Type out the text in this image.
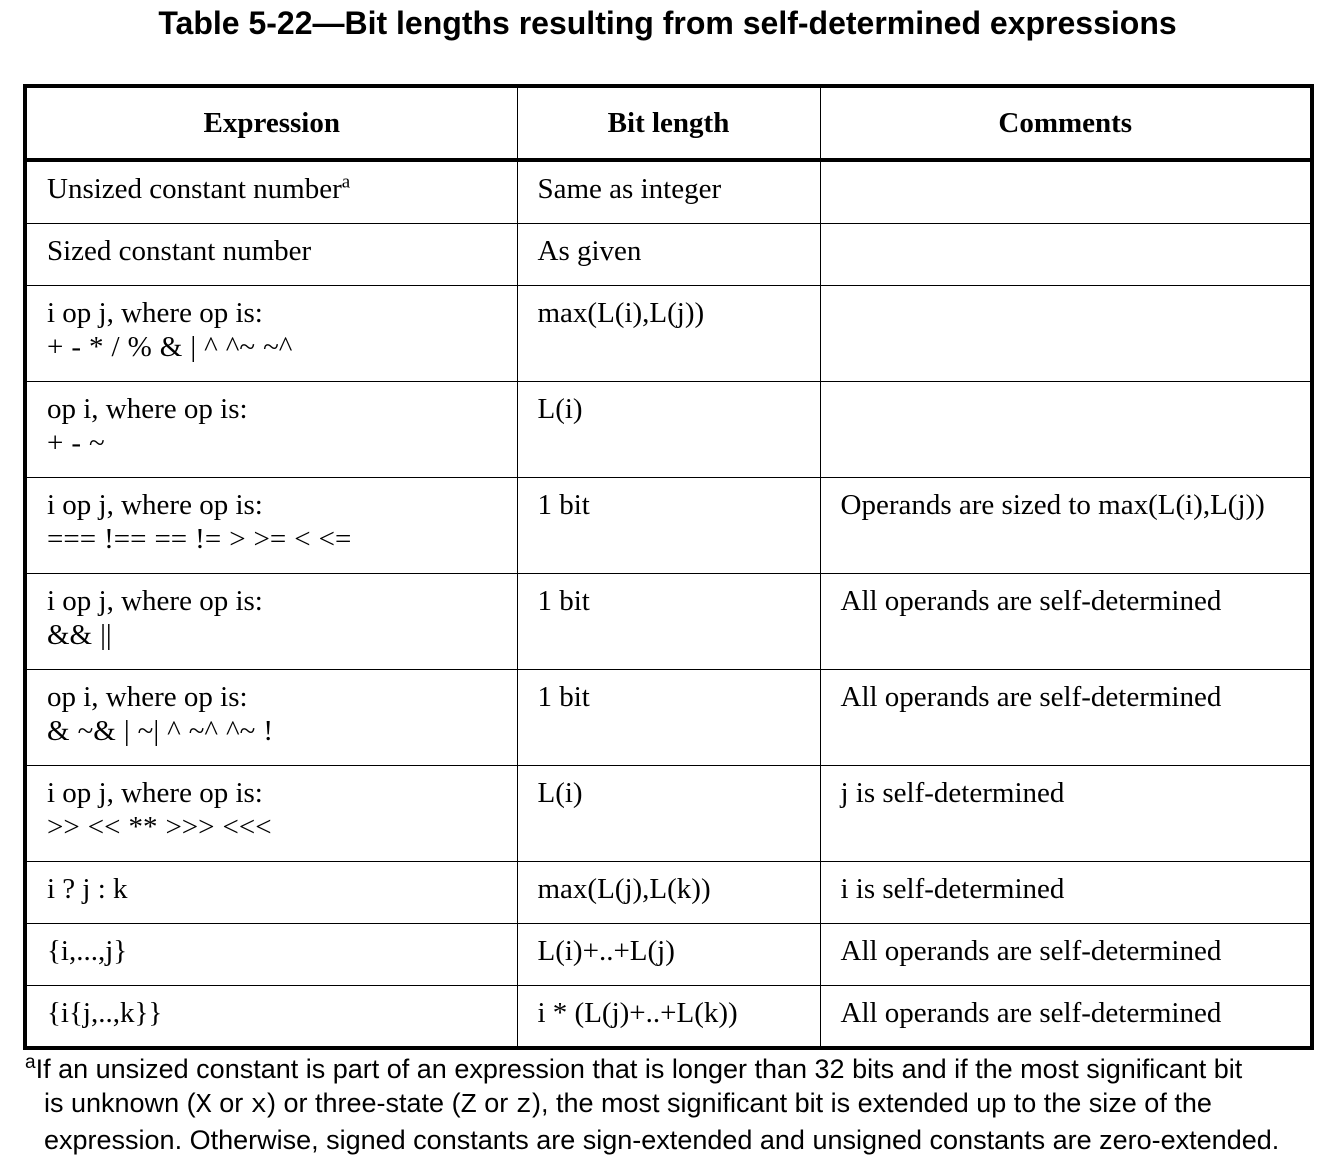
Table 5-22—Bit lengths resulting from self-determined expressions
Expression	Bit length	Comments
Unsized constant number$^a$	Same as integer	
Sized constant number	As given	
i op j, where op is:
+ - * / % & | ^ ^~ ~^	max(L(i),L(j))	
op i, where op is:
+ - ~	L(i)	
i op j, where op is:
=== !== == != > >= < <=	1 bit	Operands are sized to max(L(i),L(j))
i op j, where op is:
&& ||	1 bit	All operands are self-determined
op i, where op is:
& ~& | ~| ^ ~^ ^~ !	1 bit	All operands are self-determined
i op j, where op is:
>> << ** >>> <<<	L(i)	j is self-determined
i ? j : k	max(L(j),L(k))	i is self-determined
{i,...,j}	L(i)+..+L(j)	All operands are self-determined
{i{j,..,k}}	i * (L(j)+..+L(k))	All operands are self-determined
$^a$If an unsized constant is part of an expression that is longer than 32 bits and if the most significant bit
is unknown (X or x) or three-state (Z or z), the most significant bit is extended up to the size of the
expression. Otherwise, signed constants are sign-extended and unsigned constants are zero-extended.
